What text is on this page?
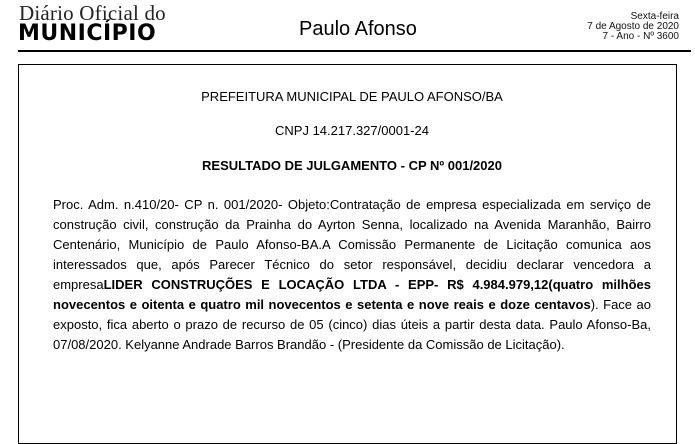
Diário Oficial do
MUNICÍPIO	Paulo Afonso
Sexta-feira
7 de Agosto de 2020
7 - Ano - Nº 3600
PREFEITURA MUNICIPAL DE PAULO AFONSO/BA
CNPJ 14.217.327/0001-24
RESULTADO DE JULGAMENTO - CP Nº 001/2020
Proc. Adm. n.410/20- CP n. 001/2020- Objeto:Contratação de empresa especializada em serviço de construção civil, construção da Prainha do Ayrton Senna, localizado na Avenida Maranhão, Bairro Centenário, Município de Paulo Afonso-BA.A Comissão Permanente de Licitação comunica aos interessados que, após Parecer Técnico do setor responsável, decidiu declarar vencedora a empresaLIDER CONSTRUÇÕES E LOCAÇÃO LTDA - EPP- R$ 4.984.979,12(quatro milhões novecentos e oitenta e quatro mil novecentos e setenta e nove reais e doze centavos). Face ao exposto, fica aberto o prazo de recurso de 05 (cinco) dias úteis a partir desta data. Paulo Afonso-Ba, 07/08/2020. Kelyanne Andrade Barros Brandão - (Presidente da Comissão de Licitação).
